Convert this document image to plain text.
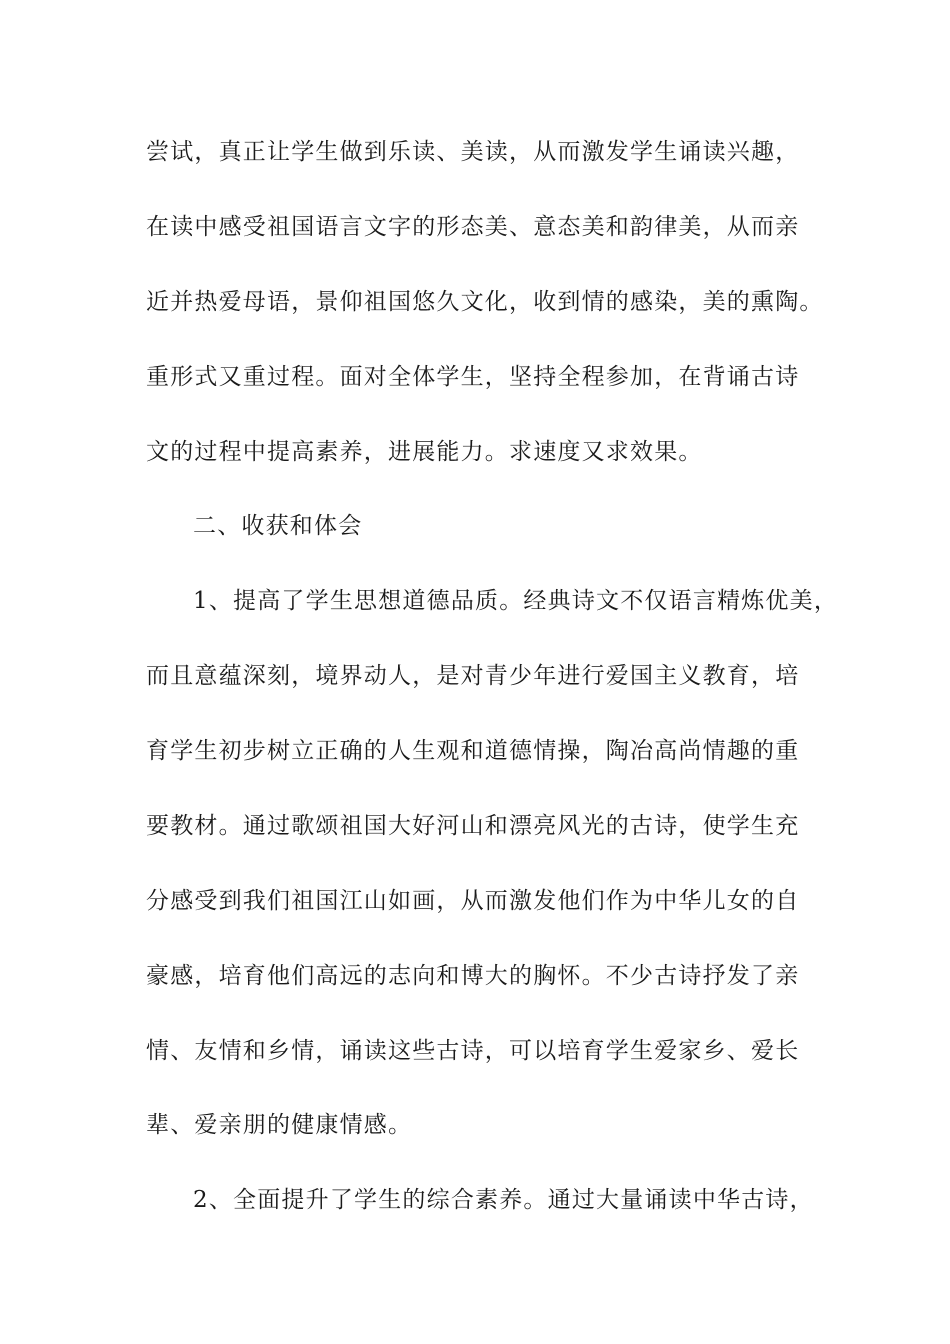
尝试，真正让学生做到乐读、美读，从而激发学生诵读兴趣，
在读中感受祖国语言文字的形态美、意态美和韵律美，从而亲
近并热爱母语，景仰祖国悠久文化，收到情的感染，美的熏陶。
重形式又重过程。面对全体学生，坚持全程参加，在背诵古诗
文的过程中提高素养，进展能力。求速度又求效果。
二、收获和体会
1、提高了学生思想道德品质。经典诗文不仅语言精炼优美，
而且意蕴深刻，境界动人，是对青少年进行爱国主义教育，培
育学生初步树立正确的人生观和道德情操，陶冶高尚情趣的重
要教材。通过歌颂祖国大好河山和漂亮风光的古诗，使学生充
分感受到我们祖国江山如画，从而激发他们作为中华儿女的自
豪感，培育他们高远的志向和博大的胸怀。不少古诗抒发了亲
情、友情和乡情，诵读这些古诗，可以培育学生爱家乡、爱长
辈、爱亲朋的健康情感。
2、全面提升了学生的综合素养。通过大量诵读中华古诗，
